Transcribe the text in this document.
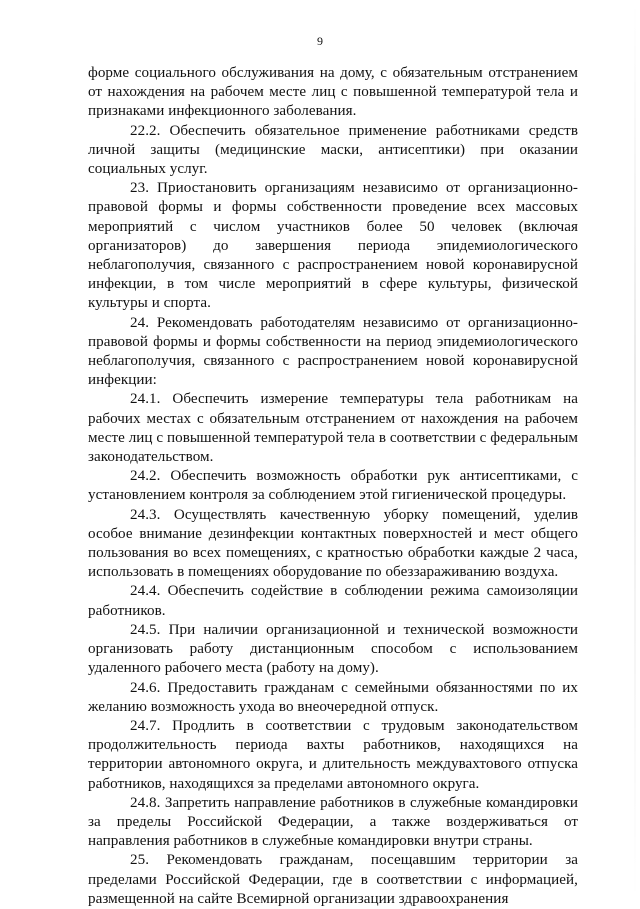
9

форме социального обслуживания на дому, с обязательным отстранением от нахождения на рабочем месте лиц с повышенной температурой тела и признаками инфекционного заболевания.

22.2. Обеспечить обязательное применение работниками средств личной защиты (медицинские маски, антисептики) при оказании социальных услуг.

23. Приостановить организациям независимо от организационно-правовой формы и формы собственности проведение всех массовых мероприятий с числом участников более 50 человек (включая организаторов) до завершения периода эпидемиологического неблагополучия, связанного с распространением новой коронавирусной инфекции, в том числе мероприятий в сфере культуры, физической культуры и спорта.

24. Рекомендовать работодателям независимо от организационно-правовой формы и формы собственности на период эпидемиологического неблагополучия, связанного с распространением новой коронавирусной инфекции:

24.1. Обеспечить измерение температуры тела работникам на рабочих местах с обязательным отстранением от нахождения на рабочем месте лиц с повышенной температурой тела в соответствии с федеральным законодательством.

24.2. Обеспечить возможность обработки рук антисептиками, с установлением контроля за соблюдением этой гигиенической процедуры.

24.3. Осуществлять качественную уборку помещений, уделив особое внимание дезинфекции контактных поверхностей и мест общего пользования во всех помещениях, с кратностью обработки каждые 2 часа, использовать в помещениях оборудование по обеззараживанию воздуха.

24.4. Обеспечить содействие в соблюдении режима самоизоляции работников.

24.5. При наличии организационной и технической возможности организовать работу дистанционным способом с использованием удаленного рабочего места (работу на дому).

24.6. Предоставить гражданам с семейными обязанностями по их желанию возможность ухода во внеочередной отпуск.

24.7. Продлить в соответствии с трудовым законодательством продолжительность периода вахты работников, находящихся на территории автономного округа, и длительность междувахтового отпуска работников, находящихся за пределами автономного округа.

24.8. Запретить направление работников в служебные командировки за пределы Российской Федерации, а также воздерживаться от направления работников в служебные командировки внутри страны.

25. Рекомендовать гражданам, посещавшим территории за пределами Российской Федерации, где в соответствии с информацией, размещенной на сайте Всемирной организации здравоохранения
